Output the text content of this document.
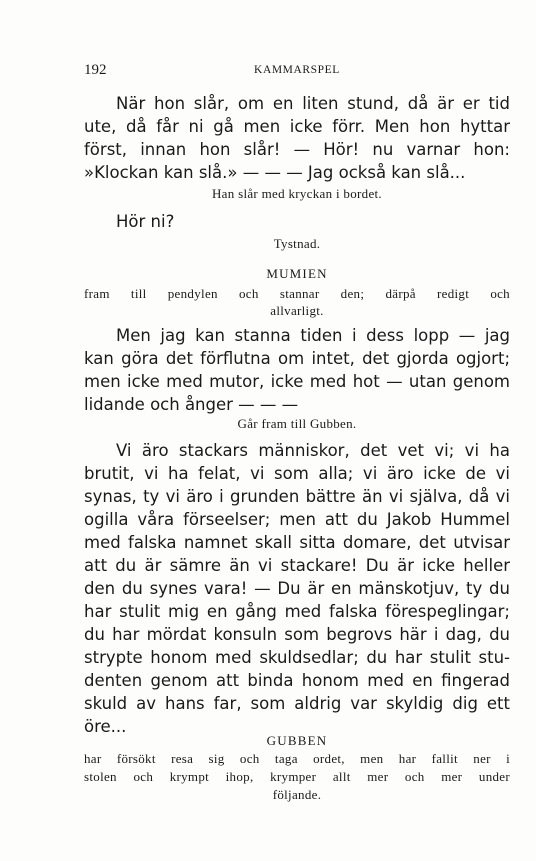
192	KAMMARSPEL
När hon slår, om en liten stund, då är er tid
ute, då får ni gå men icke förr. Men hon hyttar
först, innan hon slår! — Hör! nu varnar hon:
»Klockan kan slå.» — — — Jag också kan slå...
Han slår med kryckan i bordet.
Hör ni?
Tystnad.
MUMIEN
fram till pendylen och stannar den; därpå redigt och
allvarligt.
Men jag kan stanna tiden i dess lopp — jag
kan göra det förflutna om intet, det gjorda ogjort;
men icke med mutor, icke med hot — utan genom
lidande och ånger — — —
Går fram till Gubben.
Vi äro stackars människor, det vet vi; vi ha
brutit, vi ha felat, vi som alla; vi äro icke de vi
synas, ty vi äro i grunden bättre än vi själva, då vi
ogilla våra förseelser; men att du Jakob Hummel
med falska namnet skall sitta domare, det utvisar
att du är sämre än vi stackare! Du är icke heller
den du synes vara! — Du är en mänskotjuv, ty du
har stulit mig en gång med falska förespeglingar;
du har mördat konsuln som begrovs här i dag, du
strypte honom med skuldsedlar; du har stulit stu-
denten genom att binda honom med en fingerad
skuld av hans far, som aldrig var skyldig dig ett
öre...
GUBBEN
har försökt resa sig och taga ordet, men har fallit ner i
stolen och krympt ihop, krymper allt mer och mer under
följande.
